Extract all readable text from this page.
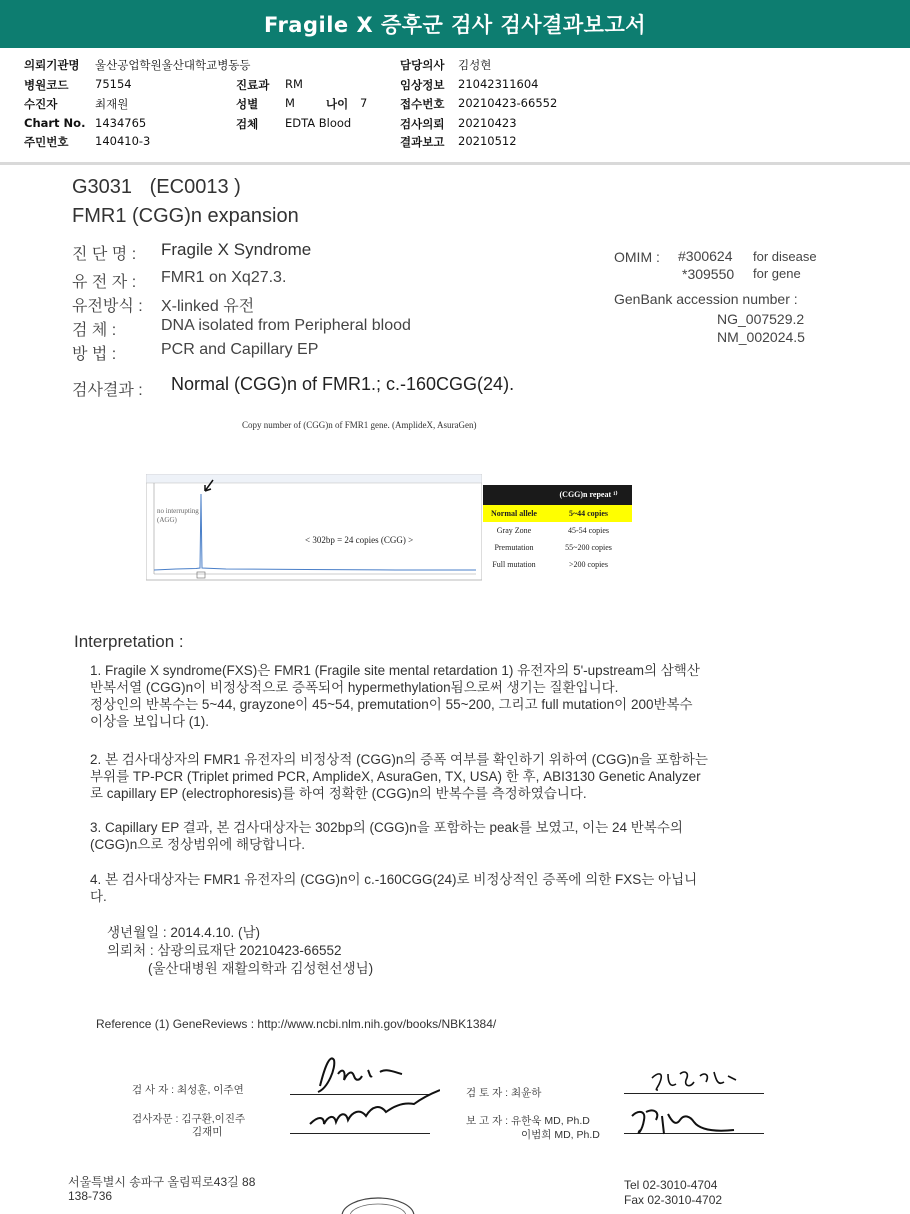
Fragile X 증후군 검사 검사결과보고서
의뢰기관명 울산공업학원울산대학교병동등
병원코드 75154
수진자	최재원
Chart No. 1434765
주민번호 140410-3
진료과 RM
성별 M	나이 7
검체 EDTA Blood
담당의사 김성현
임상정보 21042311604
접수번호 20210423-66552
검사의뢰 20210423
결과보고 20210512
G3031 (EC0013 )
FMR1 (CGG)n expansion
진 단 명 : Fragile X Syndrome
유 전 자 : FMR1 on Xq27.3.
유전방식 : X-linked 유전
검 체 :	DNA isolated from Peripheral blood
방 법 :	PCR and Capillary EP
검사결과 : Normal (CGG)n of FMR1.; c.-160CGG(24).
OMIM : #300624 for disease
*309550 for gene
GenBank accession number :
NG_007529.2
NM_002024.5
Copy number of (CGG)n of FMR1 gene. (AmplideX, AsuraGen)
no interrupting (AGG)
< 302bp = 24 copies (CGG) >
(CGG)n repeat ¹⁾
Normal allele	5~44 copies
Gray Zone	45-54 copies
Premutation	55~200 copies
Full mutation	>200 copies
Interpretation :
1. Fragile X syndrome(FXS)은 FMR1 (Fragile site mental retardation 1) 유전자의 5'-upstream의 삼핵산
반복서열 (CGG)n이 비정상적으로 증폭되어 hypermethylation됨으로써 생기는 질환입니다.
정상인의 반복수는 5~44, grayzone이 45~54, premutation이 55~200, 그리고 full mutation이 200반복수
이상을 보입니다 (1).
2. 본 검사대상자의 FMR1 유전자의 비정상적 (CGG)n의 증폭 여부를 확인하기 위하여 (CGG)n을 포함하는
부위를 TP-PCR (Triplet primed PCR, AmplideX, AsuraGen, TX, USA) 한 후, ABI3130 Genetic Analyzer
로 capillary EP (electrophoresis)를 하여 정확한 (CGG)n의 반복수를 측정하였습니다.
3. Capillary EP 결과, 본 검사대상자는 302bp의 (CGG)n을 포함하는 peak를 보였고, 이는 24 반복수의
(CGG)n으로 정상범위에 해당합니다.
4. 본 검사대상자는 FMR1 유전자의 (CGG)n이 c.-160CGG(24)로 비정상적인 증폭에 의한 FXS는 아닙니
다.
생년월일 : 2014.4.10. (남)
의뢰처 : 삼광의료재단 20210423-66552
(울산대병원 재활의학과 김성현선생님)
Reference (1) GeneReviews : http://www.ncbi.nlm.nih.gov/books/NBK1384/
검 사 자 : 최성훈, 이주연
검사자문 : 김구환,이진주
김재미
검 토 자 : 최윤하
보 고 자 : 유한욱 MD, Ph.D
이범희 MD, Ph.D
서울특별시 송파구 올림픽로43길 88
138-736
Tel 02-3010-4704
Fax 02-3010-4702
